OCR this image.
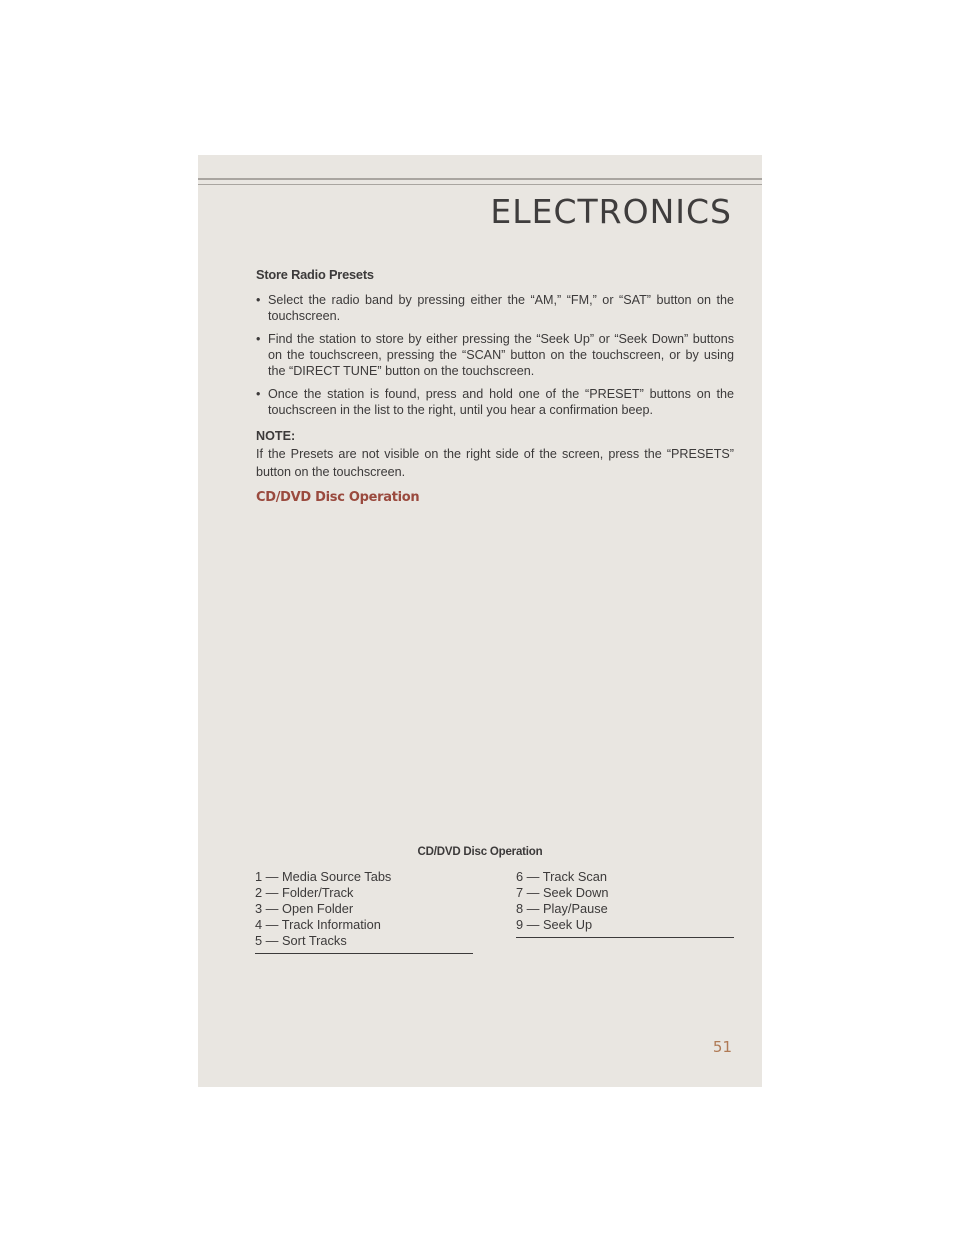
ELECTRONICS
Store Radio Presets
• Select the radio band by pressing either the “AM,” “FM,” or “SAT” button on the touchscreen.
• Find the station to store by either pressing the “Seek Up” or “Seek Down” buttons on the touchscreen, pressing the “SCAN” button on the touchscreen, or by using the “DIRECT TUNE” button on the touchscreen.
• Once the station is found, press and hold one of the “PRESET” buttons on the touchscreen in the list to the right, until you hear a confirmation beep.
NOTE:
If the Presets are not visible on the right side of the screen, press the “PRESETS” button on the touchscreen.
CD/DVD Disc Operation
CD/DVD Disc Operation
1 — Media Source Tabs
2 — Folder/Track
3 — Open Folder
4 — Track Information
5 — Sort Tracks
6 — Track Scan
7 — Seek Down
8 — Play/Pause
9 — Seek Up
51
